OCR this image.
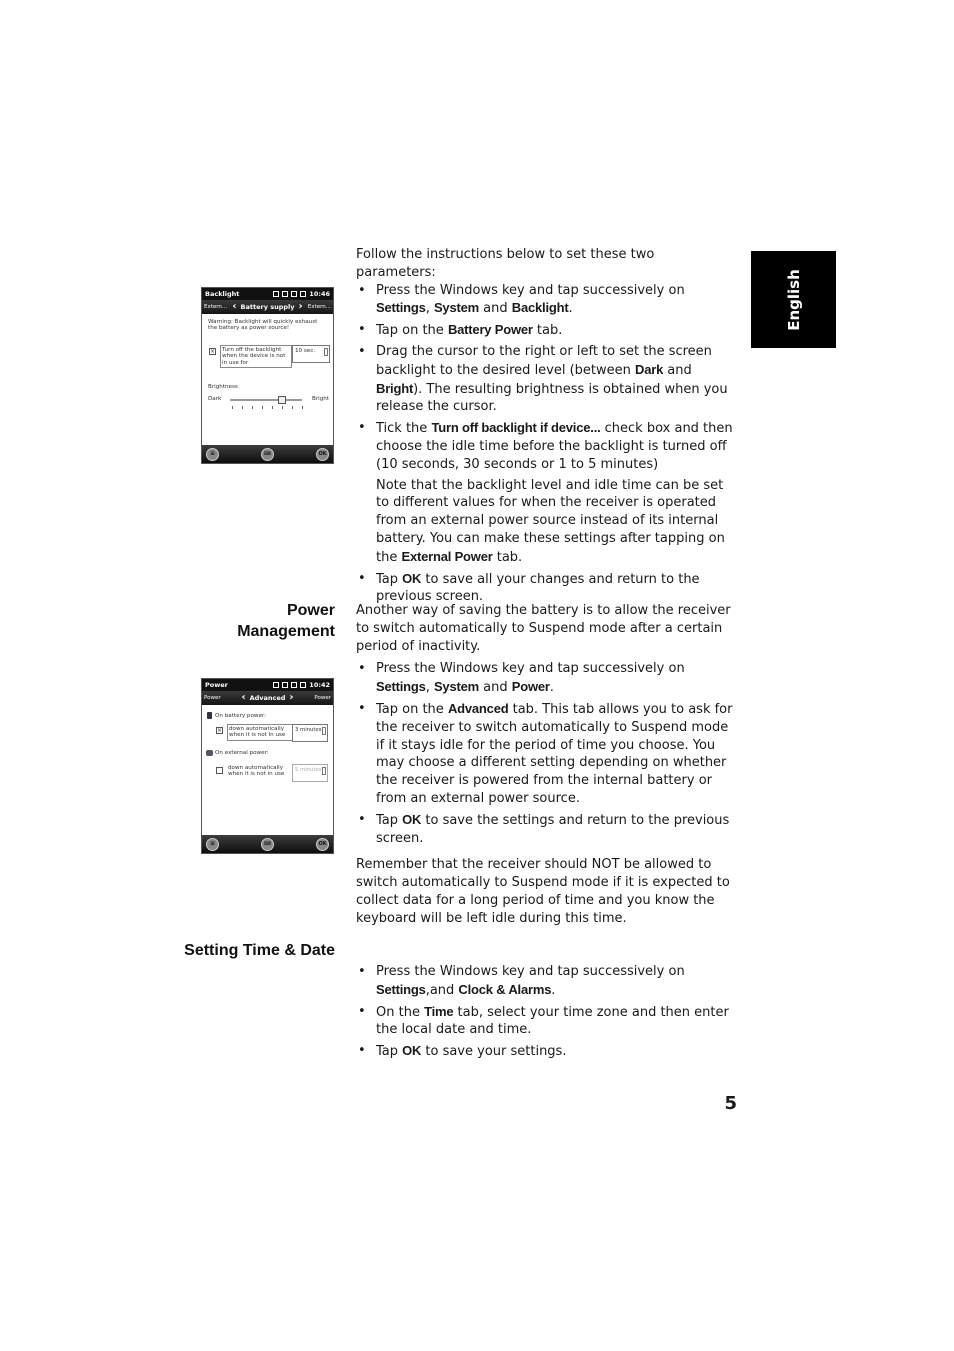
English
Backlight	10:46
Extern... ‹ Battery supply › Extern...
Warning: Backlight will quickly exhaust the battery as power source!
×	Turn off the backlight when the device is not in use for
10 sec.
Brightness
Dark	Bright
⊞	⌨	OK
Power	10:42
Power ‹ Advanced ›	Power
On battery power:
×	down automatically when it is not in use
3 minutes
On external power:
down automatically when it is not in use
5 minutes
⊞	⌨	OK

Follow the instructions below to set these two parameters:

• Press the Windows key and tap successively on Settings, System and Backlight.
• Tap on the Battery Power tab.
• Drag the cursor to the right or left to set the screen backlight to the desired level (between Dark and Bright). The resulting brightness is obtained when you release the cursor.
• Tick the Turn off backlight if device... check box and then choose the idle time before the backlight is turned off (10 seconds, 30 seconds or 1 to 5 minutes)

Note that the backlight level and idle time can be set to different values for when the receiver is operated from an external power source instead of its internal battery. You can make these settings after tapping on the External Power tab.

• Tap OK to save all your changes and return to the previous screen.
Power
Management

Another way of saving the battery is to allow the receiver to switch automatically to Suspend mode after a certain period of inactivity.

• Press the Windows key and tap successively on Settings, System and Power.
• Tap on the Advanced tab. This tab allows you to ask for the receiver to switch automatically to Suspend mode if it stays idle for the period of time you choose. You may choose a different setting depending on whether the receiver is powered from the internal battery or from an external power source.
• Tap OK to save the settings and return to the previous screen.

Remember that the receiver should NOT be allowed to switch automatically to Suspend mode if it is expected to collect data for a long period of time and you know the keyboard will be left idle during this time.

Setting Time & Date
• Press the Windows key and tap successively on Settings,and Clock & Alarms.
• On the Time tab, select your time zone and then enter the local date and time.
• Tap OK to save your settings.
5
